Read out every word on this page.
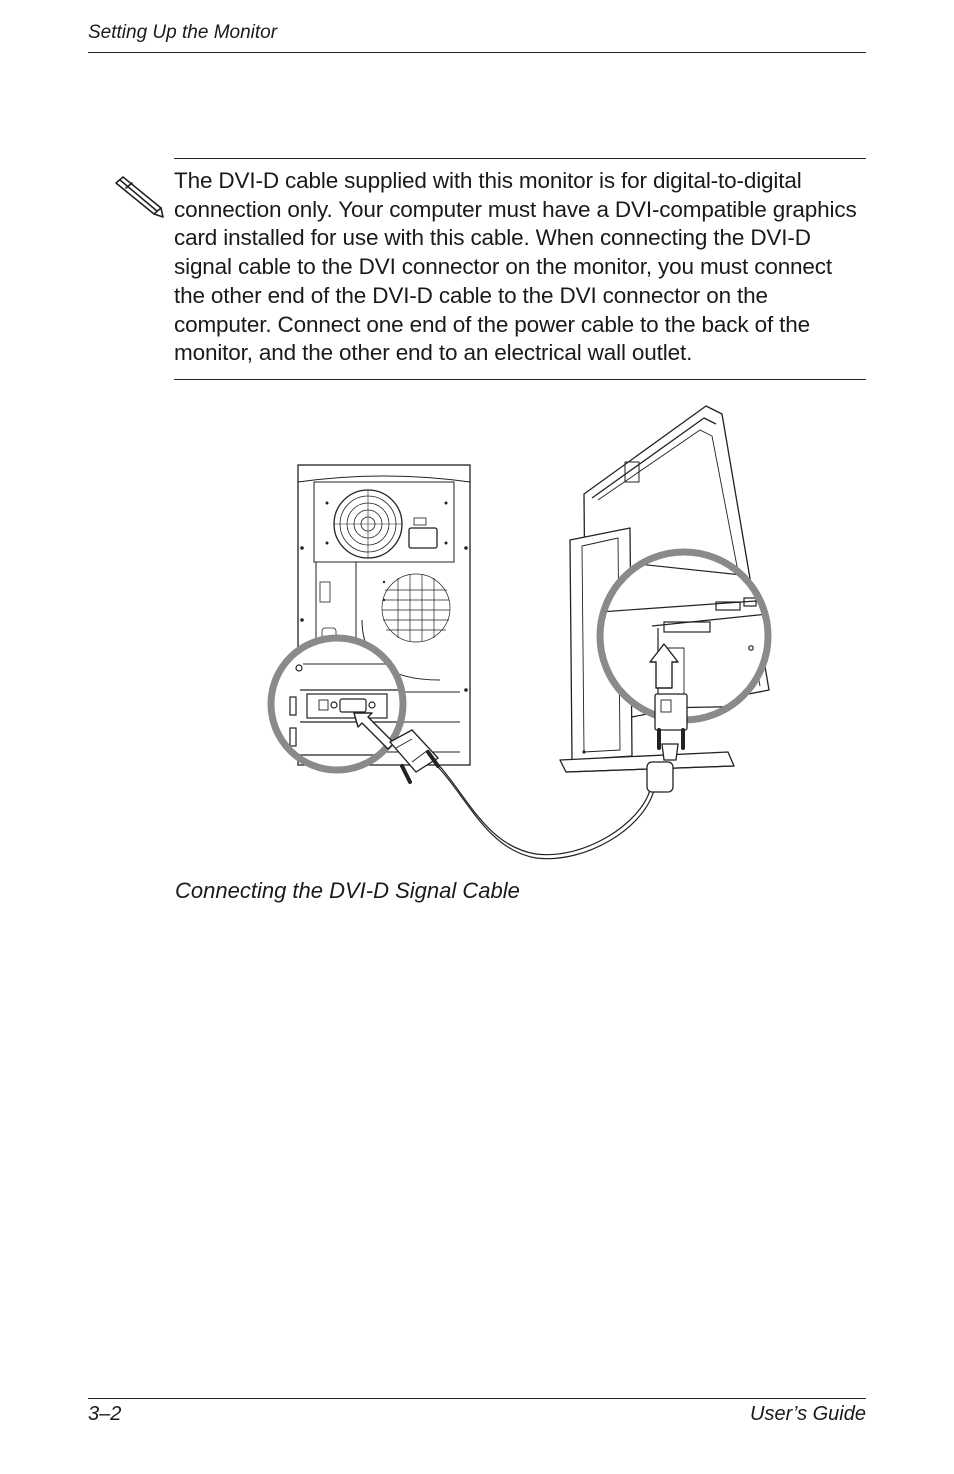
Setting Up the Monitor

The DVI-D cable supplied with this monitor is for digital-to-digital connection only. Your computer must have a DVI-compatible graphics card installed for use with this cable. When connecting the DVI-D signal cable to the DVI connector on the monitor, you must connect the other end of the DVI-D cable to the DVI connector on the computer. Connect one end of the power cable to the back of the monitor, and the other end to an electrical wall outlet.

Connecting the DVI-D Signal Cable
3–2	User’s Guide
